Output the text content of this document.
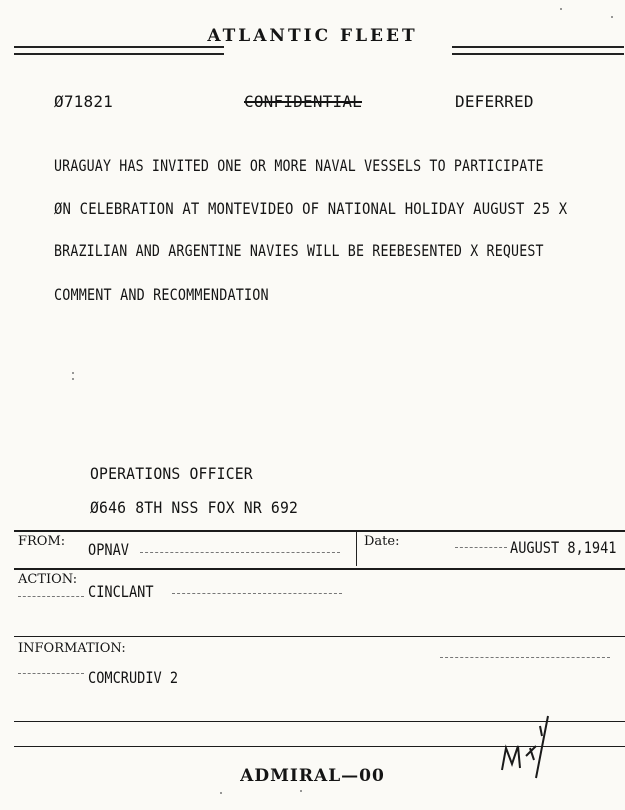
ATLANTIC FLEET
Ø71821	CONFIDENTIAL	DEFERRED
URAGUAY HAS INVITED ONE OR MORE NAVAL VESSELS TO PARTICIPATE
ØN CELEBRATION AT MONTEVIDEO OF NATIONAL HOLIDAY AUGUST 25 X
BRAZILIAN AND ARGENTINE NAVIES WILL BE REEBESENTED X REQUEST
COMMENT AND RECOMMENDATION
OPERATIONS OFFICER
Ø646 8TH NSS FOX NR 692
FROM: OPNAV	Date:	AUGUST 8,1941
ACTION:
CINCLANT
INFORMATION:
COMCRUDIV 2
ADMIRAL—00
